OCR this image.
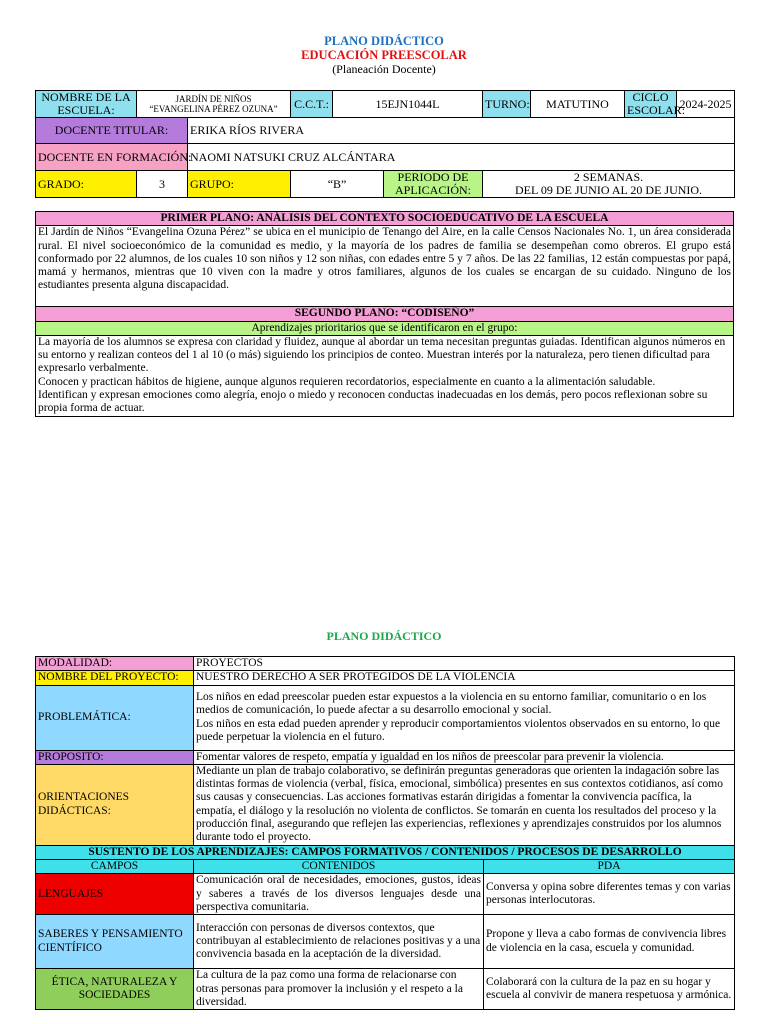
PLANO DIDÁCTICO
EDUCACIÓN PREESCOLAR
(Planeación Docente)
NOMBRE DE LA ESCUELA:	JARDÍN DE NIÑOS
“EVANGELINA PÉREZ OZUNA”		C.C.T.:	15EJN1044L		TURNO:	MATUTINO	CICLO ESCOLAR:	2024-2025
DOCENTE TITULAR:		ERIKA RÍOS RIVERA							
DOCENTE EN FORMACIÓN:		NAOMI NATSUKI CRUZ ALCÁNTARA							
GRADO:	3	GRUPO:	“B”		PERIODO DE APLICACIÓN:	2 SEMANAS.
DEL 09 DE JUNIO AL 20 DE JUNIO.			
PRIMER PLANO: ANÁLISIS DEL CONTEXTO SOCIOEDUCATIVO DE LA ESCUELA
El Jardín de Niños “Evangelina Ozuna Pérez” se ubica en el municipio de Tenango del Aire, en la calle Censos Nacionales No. 1, un área considerada rural. El nivel socioeconómico de la comunidad es medio, y la mayoría de los padres de familia se desempeñan como obreros. El grupo está conformado por 22 alumnos, de los cuales 10 son niños y 12 son niñas, con edades entre 5 y 7 años. De las 22 familias, 12 están compuestas por papá, mamá y hermanos, mientras que 10 viven con la madre y otros familiares, algunos de los cuales se encargan de su cuidado. Ninguno de los estudiantes presenta alguna discapacidad.
SEGUNDO PLANO: “CODISEÑO”
Aprendizajes prioritarios que se identificaron en el grupo:

La mayoría de los alumnos se expresa con claridad y fluidez, aunque al abordar un tema necesitan preguntas guiadas. Identifican algunos números en su entorno y realizan conteos del 1 al 10 (o más) siguiendo los principios de conteo. Muestran interés por la naturaleza, pero tienen dificultad para expresarlo verbalmente.
Conocen y practican hábitos de higiene, aunque algunos requieren recordatorios, especialmente en cuanto a la alimentación saludable.
Identifican y expresan emociones como alegría, enojo o miedo y reconocen conductas inadecuadas en los demás, pero pocos reflexionan sobre su propia forma de actuar.
PLANO DIDÁCTICO
MODALIDAD:	PROYECTOS	
NOMBRE DEL PROYECTO:	NUESTRO DERECHO A SER PROTEGIDOS DE LA VIOLENCIA	
PROBLEMÁTICA:	Los niños en edad preescolar pueden estar expuestos a la violencia en su entorno familiar, comunitario o en los medios de comunicación, lo puede afectar a su desarrollo emocional y social.
Los niños en esta edad pueden aprender y reproducir comportamientos violentos observados en su entorno, lo que puede perpetuar la violencia en el futuro.	

PROPOSITO:	Fomentar valores de respeto, empatía y igualdad en los niños de preescolar para prevenir la violencia.	
ORIENTACIONES DIDÁCTICAS:	Mediante un plan de trabajo colaborativo, se definirán preguntas generadoras que orienten la indagación sobre las distintas formas de violencia (verbal, física, emocional, simbólica) presentes en sus contextos cotidianos, así como sus causas y consecuencias. Las acciones formativas estarán dirigidas a fomentar la convivencia pacífica, la empatía, el diálogo y la resolución no violenta de conflictos. Se tomarán en cuenta los resultados del proceso y la producción final, asegurando que reflejen las experiencias, reflexiones y aprendizajes construidos por los alumnos durante todo el proyecto.	
SUSTENTO DE LOS APRENDIZAJES: CAMPOS FORMATIVOS / CONTENIDOS / PROCESOS DE DESARROLLO		
CAMPOS	CONTENIDOS	PDA
LENGUAJES	Comunicación oral de necesidades, emociones, gustos, ideas y saberes a través de los diversos lenguajes desde una perspectiva comunitaria.	Conversa y opina sobre diferentes temas y con varias personas interlocutoras.
SABERES Y PENSAMIENTO CIENTÍFICO	Interacción con personas de diversos contextos, que contribuyan al establecimiento de relaciones positivas y a una convivencia basada en la aceptación de la diversidad.	Propone y lleva a cabo formas de convivencia libres de violencia en la casa, escuela y comunidad.
ÉTICA, NATURALEZA Y SOCIEDADES	La cultura de la paz como una forma de relacionarse con otras personas para promover la inclusión y el respeto a la diversidad.	Colaborará con la cultura de la paz en su hogar y escuela al convivir de manera respetuosa y armónica.
